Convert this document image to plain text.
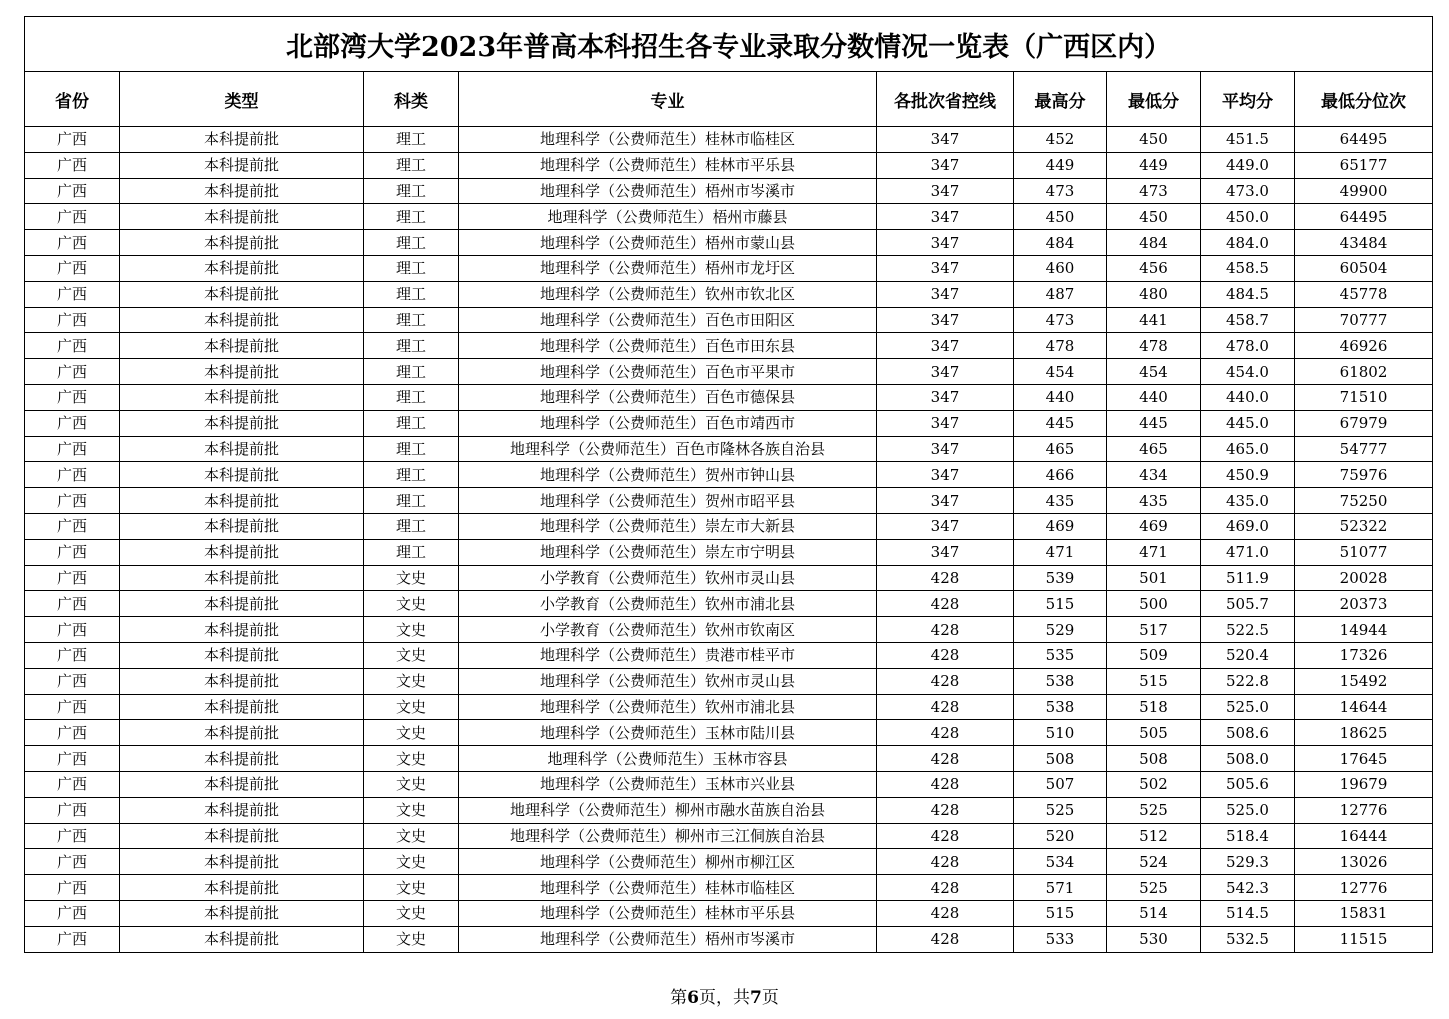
北部湾大学2023年普高本科招生各专业录取分数情况一览表（广西区内）								
省份	类型	科类	专业	各批次省控线	最高分	最低分	平均分	最低分位次
广西	本科提前批	理工	地理科学（公费师范生）桂林市临桂区	347	452	450	451.5	64495
广西	本科提前批	理工	地理科学（公费师范生）桂林市平乐县	347	449	449	449.0	65177
广西	本科提前批	理工	地理科学（公费师范生）梧州市岑溪市	347	473	473	473.0	49900
广西	本科提前批	理工	地理科学（公费师范生）梧州市藤县	347	450	450	450.0	64495
广西	本科提前批	理工	地理科学（公费师范生）梧州市蒙山县	347	484	484	484.0	43484
广西	本科提前批	理工	地理科学（公费师范生）梧州市龙圩区	347	460	456	458.5	60504
广西	本科提前批	理工	地理科学（公费师范生）钦州市钦北区	347	487	480	484.5	45778
广西	本科提前批	理工	地理科学（公费师范生）百色市田阳区	347	473	441	458.7	70777
广西	本科提前批	理工	地理科学（公费师范生）百色市田东县	347	478	478	478.0	46926
广西	本科提前批	理工	地理科学（公费师范生）百色市平果市	347	454	454	454.0	61802
广西	本科提前批	理工	地理科学（公费师范生）百色市德保县	347	440	440	440.0	71510
广西	本科提前批	理工	地理科学（公费师范生）百色市靖西市	347	445	445	445.0	67979
广西	本科提前批	理工	地理科学（公费师范生）百色市隆林各族自治县	347	465	465	465.0	54777
广西	本科提前批	理工	地理科学（公费师范生）贺州市钟山县	347	466	434	450.9	75976
广西	本科提前批	理工	地理科学（公费师范生）贺州市昭平县	347	435	435	435.0	75250
广西	本科提前批	理工	地理科学（公费师范生）崇左市大新县	347	469	469	469.0	52322
广西	本科提前批	理工	地理科学（公费师范生）崇左市宁明县	347	471	471	471.0	51077
广西	本科提前批	文史	小学教育（公费师范生）钦州市灵山县	428	539	501	511.9	20028
广西	本科提前批	文史	小学教育（公费师范生）钦州市浦北县	428	515	500	505.7	20373
广西	本科提前批	文史	小学教育（公费师范生）钦州市钦南区	428	529	517	522.5	14944
广西	本科提前批	文史	地理科学（公费师范生）贵港市桂平市	428	535	509	520.4	17326
广西	本科提前批	文史	地理科学（公费师范生）钦州市灵山县	428	538	515	522.8	15492
广西	本科提前批	文史	地理科学（公费师范生）钦州市浦北县	428	538	518	525.0	14644
广西	本科提前批	文史	地理科学（公费师范生）玉林市陆川县	428	510	505	508.6	18625
广西	本科提前批	文史	地理科学（公费师范生）玉林市容县	428	508	508	508.0	17645
广西	本科提前批	文史	地理科学（公费师范生）玉林市兴业县	428	507	502	505.6	19679
广西	本科提前批	文史	地理科学（公费师范生）柳州市融水苗族自治县	428	525	525	525.0	12776
广西	本科提前批	文史	地理科学（公费师范生）柳州市三江侗族自治县	428	520	512	518.4	16444
广西	本科提前批	文史	地理科学（公费师范生）柳州市柳江区	428	534	524	529.3	13026
广西	本科提前批	文史	地理科学（公费师范生）桂林市临桂区	428	571	525	542.3	12776
广西	本科提前批	文史	地理科学（公费师范生）桂林市平乐县	428	515	514	514.5	15831
广西	本科提前批	文史	地理科学（公费师范生）梧州市岑溪市	428	533	530	532.5	11515
第6页，共7页
